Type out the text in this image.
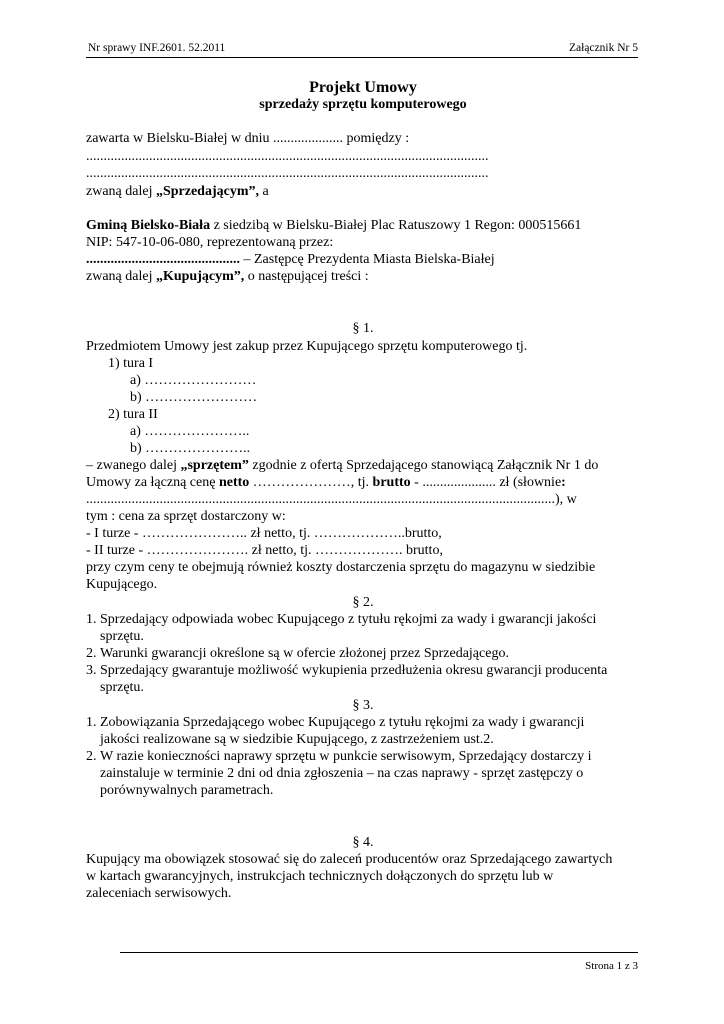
Nr sprawy INF.2601. 52.2011	Załącznik Nr 5
Projekt Umowy
sprzedaży sprzętu komputerowego
zawarta w Bielsku-Białej w dniu .................... pomiędzy :
...................................................................................................................
...................................................................................................................
zwaną dalej „Sprzedającym”, a
Gminą Bielsko-Biała z siedzibą w Bielsku-Białej Plac Ratuszowy 1 Regon: 000515661
NIP: 547-10-06-080, reprezentowaną przez:
............................................ – Zastępcę Prezydenta Miasta Bielska-Białej
zwaną dalej „Kupującym”, o następującej treści :
§ 1.
Przedmiotem Umowy jest zakup przez Kupującego sprzętu komputerowego tj.
1) tura I
a) ……………………
b) ……………………
2) tura II
a) …………………..
b) …………………..
– zwanego dalej „sprzętem” zgodnie z ofertą Sprzedającego stanowiącą Załącznik Nr 1 do
Umowy za łączną cenę netto …………………, tj. brutto - ..................... zł (słownie:
......................................................................................................................................), w
tym : cena za sprzęt dostarczony w:
- I turze - ………………….. zł netto, tj. ………………..brutto,
- II turze - …………………. zł netto, tj. ………………. brutto,
przy czym ceny te obejmują również koszty dostarczenia sprzętu do magazynu w siedzibie
Kupującego.
§ 2.
1. Sprzedający odpowiada wobec Kupującego z tytułu rękojmi za wady i gwarancji jakości
sprzętu.
2. Warunki gwarancji określone są w ofercie złożonej przez Sprzedającego.
3. Sprzedający gwarantuje możliwość wykupienia przedłużenia okresu gwarancji producenta
sprzętu.
§ 3.
1. Zobowiązania Sprzedającego wobec Kupującego z tytułu rękojmi za wady i gwarancji
jakości realizowane są w siedzibie Kupującego, z zastrzeżeniem ust.2.
2. W razie konieczności naprawy sprzętu w punkcie serwisowym, Sprzedający dostarczy i
zainstaluje w terminie 2 dni od dnia zgłoszenia – na czas naprawy - sprzęt zastępczy o
porównywalnych parametrach.
§ 4.
Kupujący ma obowiązek stosować się do zaleceń producentów oraz Sprzedającego zawartych
w kartach gwarancyjnych, instrukcjach technicznych dołączonych do sprzętu lub w
zaleceniach serwisowych.
Strona 1 z 3
